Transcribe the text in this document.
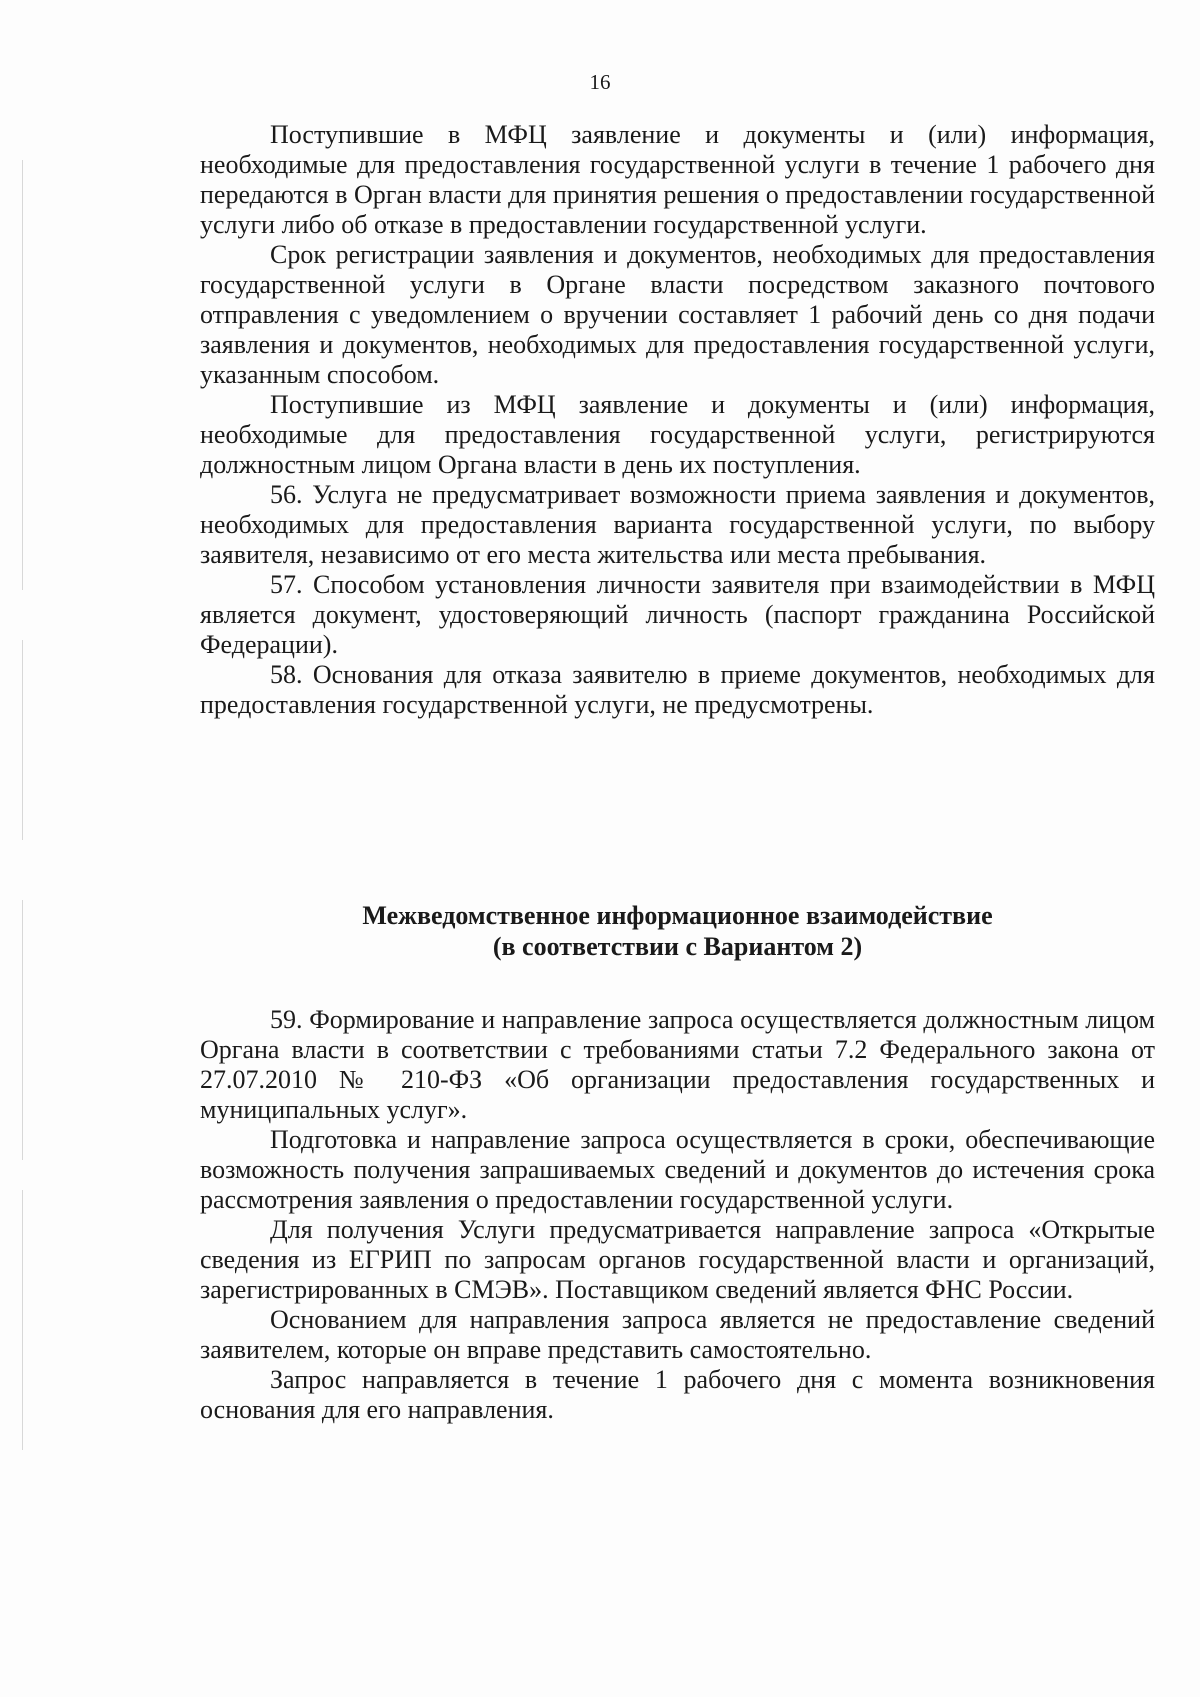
16

Поступившие в МФЦ заявление и документы и (или) информация, необходимые для предоставления государственной услуги в течение 1 рабочего дня передаются в Орган власти для принятия решения о предоставлении государственной услуги либо об отказе в предоставлении государственной услуги.

Срок регистрации заявления и документов, необходимых для предоставления государственной услуги в Органе власти посредством заказного почтового отправления с уведомлением о вручении составляет 1 рабочий день со дня подачи заявления и документов, необходимых для предоставления государственной услуги, указанным способом.

Поступившие из МФЦ заявление и документы и (или) информация, необходимые для предоставления государственной услуги, регистрируются должностным лицом Органа власти в день их поступления.

56. Услуга не предусматривает возможности приема заявления и документов, необходимых для предоставления варианта государственной услуги, по выбору заявителя, независимо от его места жительства или места пребывания.

57. Способом установления личности заявителя при взаимодействии в МФЦ является документ, удостоверяющий личность (паспорт гражданина Российской Федерации).

58. Основания для отказа заявителю в приеме документов, необходимых для предоставления государственной услуги, не предусмотрены.

Межведомственное информационное взаимодействие
(в соответствии с Вариантом 2)

59. Формирование и направление запроса осуществляется должностным лицом Органа власти в соответствии с требованиями статьи 7.2 Федерального закона от 27.07.2010 № 210-ФЗ «Об организации предоставления государственных и муниципальных услуг».

Подготовка и направление запроса осуществляется в сроки, обеспечивающие возможность получения запрашиваемых сведений и документов до истечения срока рассмотрения заявления о предоставлении государственной услуги.

Для получения Услуги предусматривается направление запроса «Открытые сведения из ЕГРИП по запросам органов государственной власти и организаций, зарегистрированных в СМЭВ». Поставщиком сведений является ФНС России.

Основанием для направления запроса является не предоставление сведений заявителем, которые он вправе представить самостоятельно.

Запрос направляется в течение 1 рабочего дня с момента возникновения основания для его направления.
